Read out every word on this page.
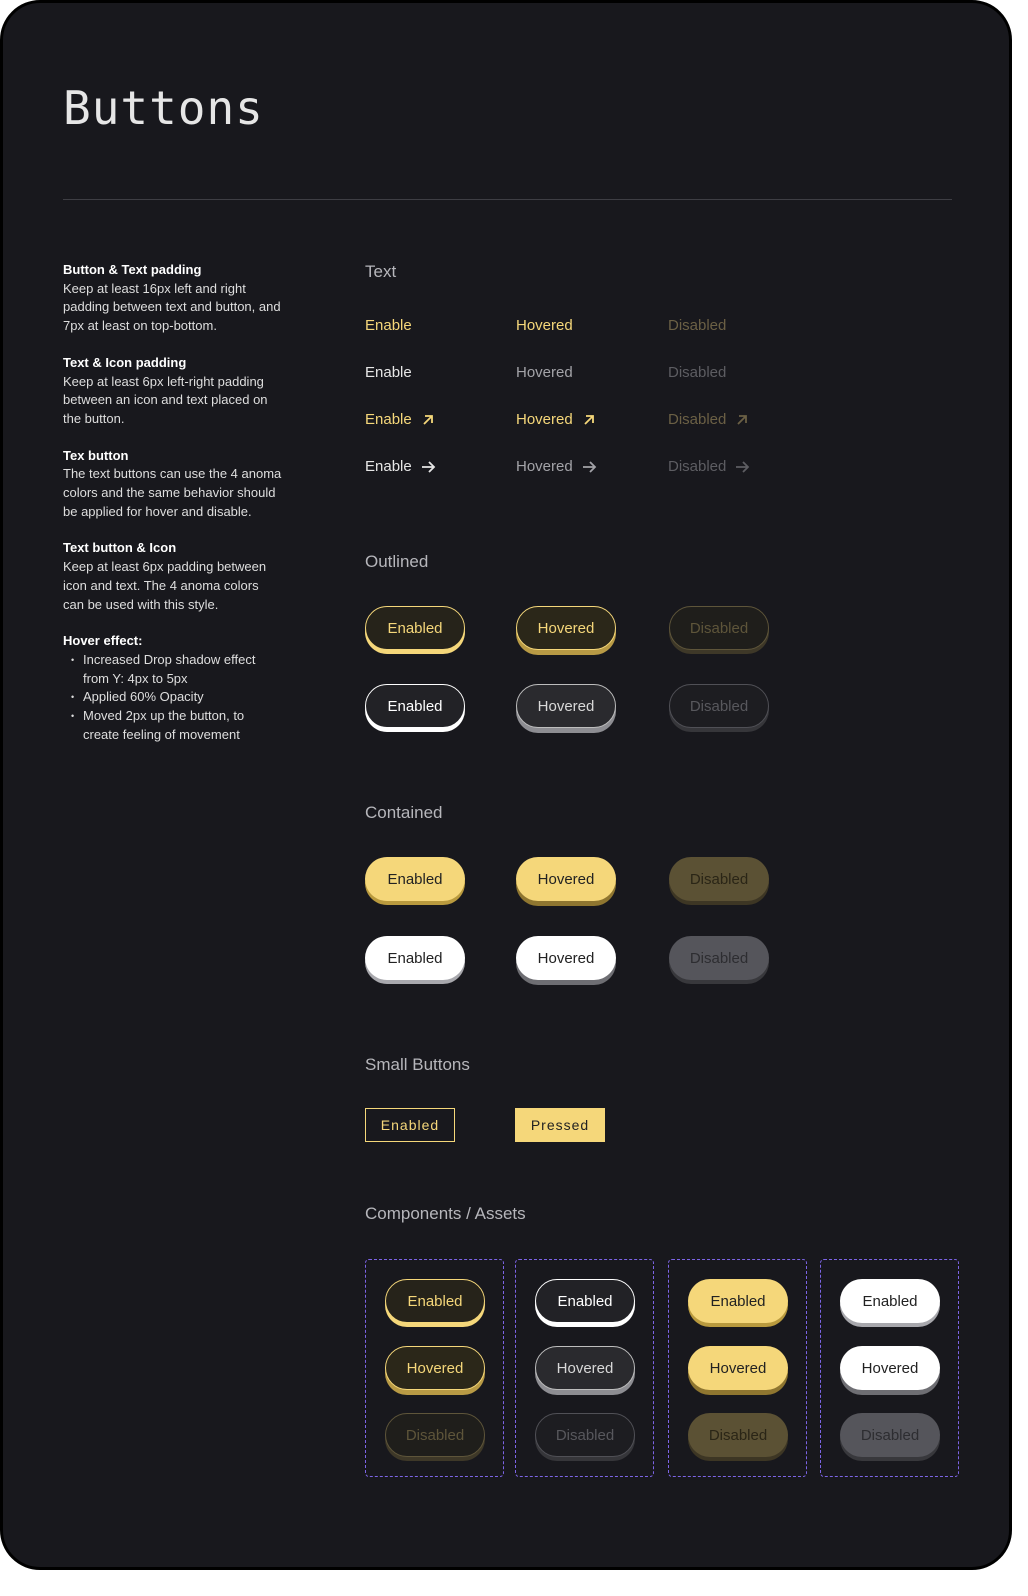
Buttons
Button & Text padding

Keep at least 16px left and right padding between text and button, and 7px at least on top-bottom.

Text & Icon padding

Keep at least 6px left-right padding between an icon and text placed on the button.

Tex button

The text buttons can use the 4 anoma colors and the same behavior should be applied for hover and disable.

Text button & Icon

Keep at least 6px padding between icon and text. The 4 anoma colors can be used with this style.

Hover effect:
• Increased Drop shadow effect from Y: 4px to 5px
• Applied 60% Opacity
• Moved 2px up the button, to create feeling of movement
Text
Enable	Hovered	Disabled
Enable	Hovered	Disabled
Enable	Hovered	Disabled
Enable	Hovered	Disabled
Outlined
Enabled	Hovered	Disabled
Enabled	Hovered	Disabled
Contained
Enabled	Hovered	Disabled
Enabled	Hovered	Disabled
Small Buttons
Enabled	Pressed
Components / Assets
Enabled
Hovered
Disabled
Enabled
Hovered
Disabled
Enabled
Hovered
Disabled
Enabled
Hovered
Disabled
